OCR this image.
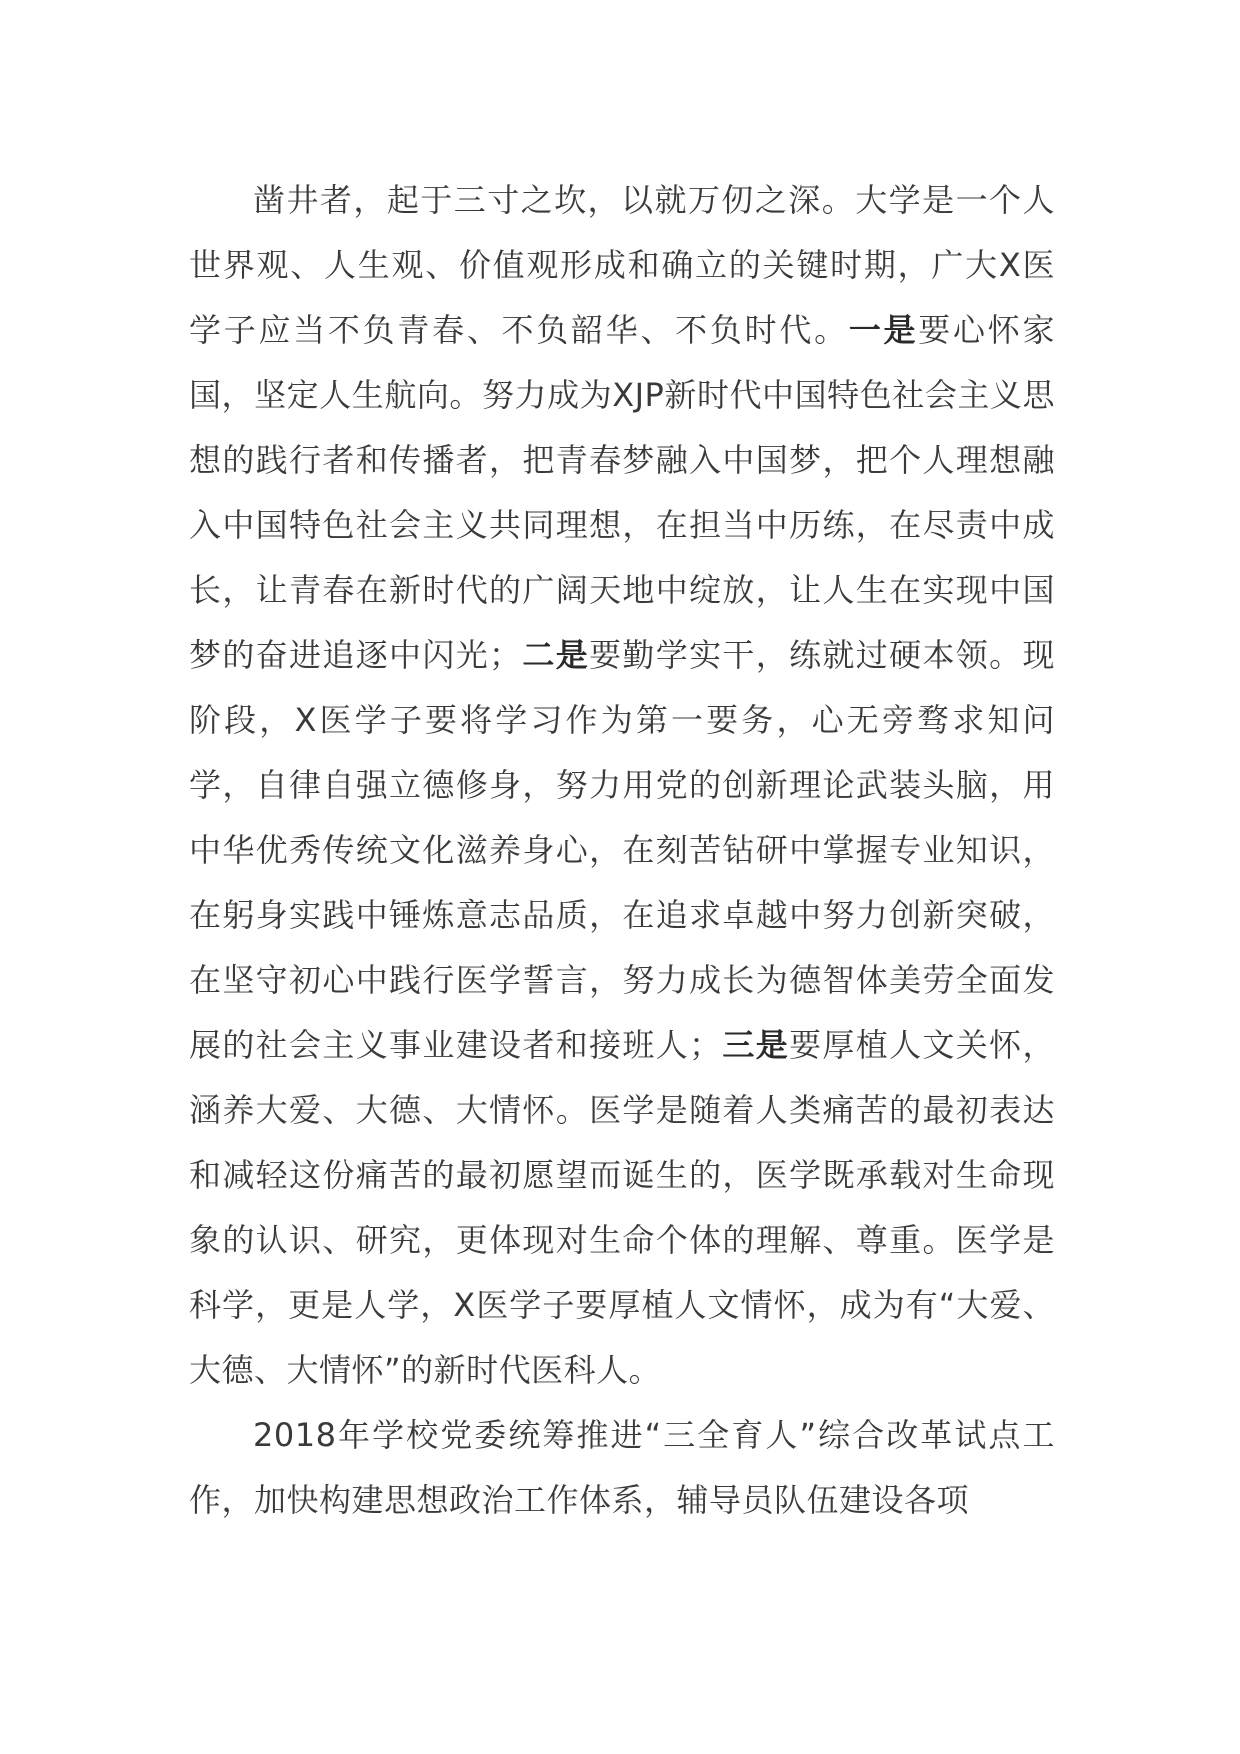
凿井者，起于三寸之坎，以就万仞之深。大学是一个人世界观、人生观、价值观形成和确立的关键时期，广大X医学子应当不负青春、不负韶华、不负时代。一是要心怀家国，坚定人生航向。努力成为XJP新时代中国特色社会主义思想的践行者和传播者，把青春梦融入中国梦，把个人理想融入中国特色社会主义共同理想，在担当中历练，在尽责中成长，让青春在新时代的广阔天地中绽放，让人生在实现中国梦的奋进追逐中闪光；二是要勤学实干，练就过硬本领。现阶段，X医学子要将学习作为第一要务，心无旁骛求知问学，自律自强立德修身，努力用党的创新理论武装头脑，用中华优秀传统文化滋养身心，在刻苦钻研中掌握专业知识，在躬身实践中锤炼意志品质，在追求卓越中努力创新突破，在坚守初心中践行医学誓言，努力成长为德智体美劳全面发展的社会主义事业建设者和接班人；三是要厚植人文关怀，涵养大爱、大德、大情怀。医学是随着人类痛苦的最初表达和减轻这份痛苦的最初愿望而诞生的，医学既承载对生命现象的认识、研究，更体现对生命个体的理解、尊重。医学是科学，更是人学，X医学子要厚植人文情怀，成为有“大爱、大德、大情怀”的新时代医科人。

2018年学校党委统筹推进“三全育人”综合改革试点工作，加快构建思想政治工作体系，辅导员队伍建设各项
